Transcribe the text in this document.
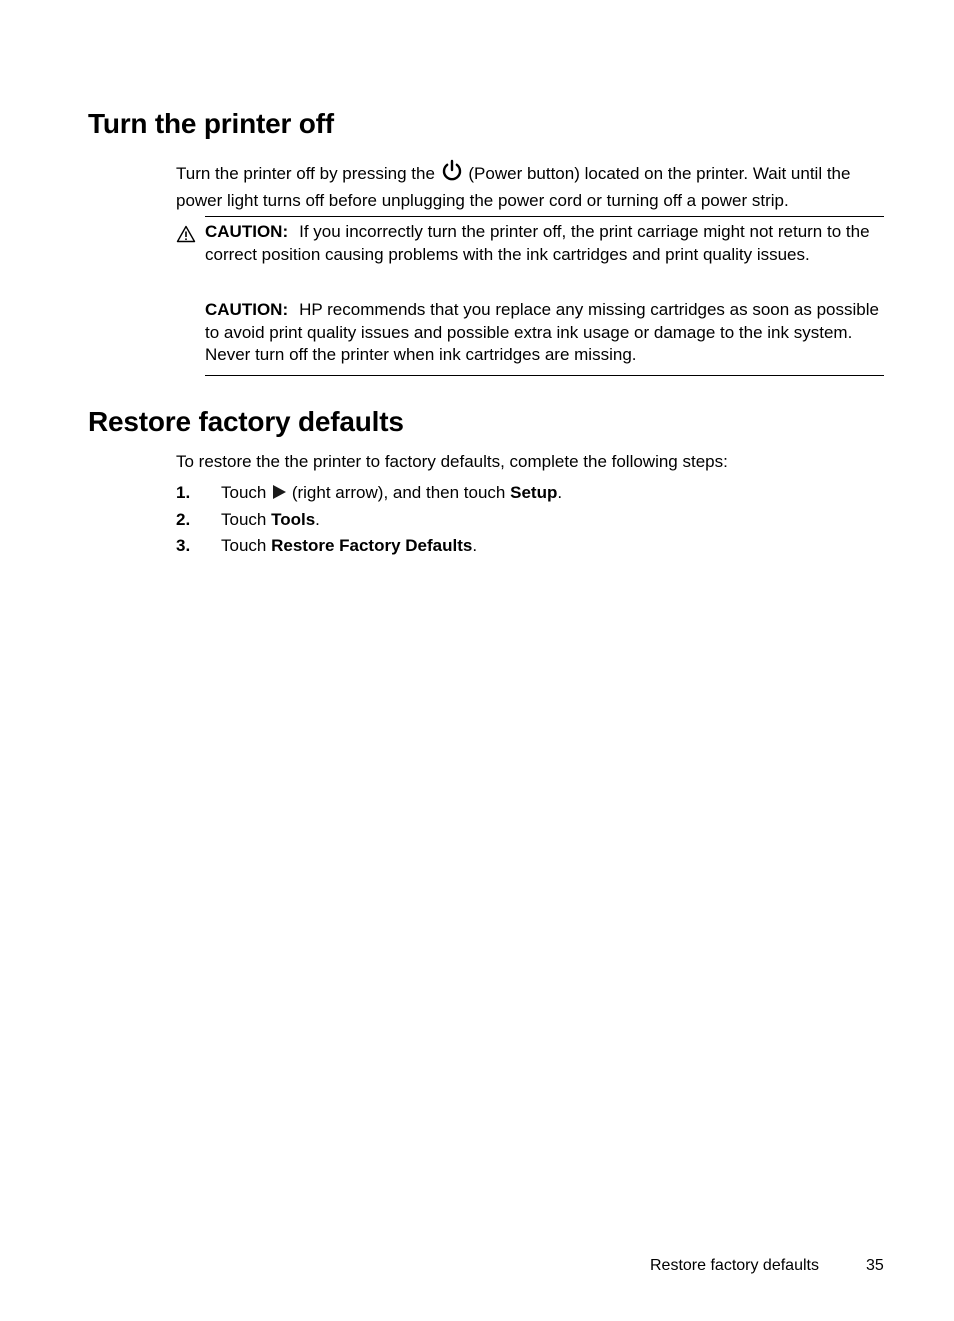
Turn the printer off

Turn the printer off by pressing the  (Power button) located on the printer. Wait until the power light turns off before unplugging the power cord or turning off a power strip.

CAUTION: If you incorrectly turn the printer off, the print carriage might not return to the correct position causing problems with the ink cartridges and print quality issues.

CAUTION: HP recommends that you replace any missing cartridges as soon as possible to avoid print quality issues and possible extra ink usage or damage to the ink system. Never turn off the printer when ink cartridges are missing.

Restore factory defaults

To restore the the printer to factory defaults, complete the following steps:

1.	Touch  (right arrow), and then touch Setup.
2.	Touch Tools.
3.	Touch Restore Factory Defaults.
Restore factory defaults	35
